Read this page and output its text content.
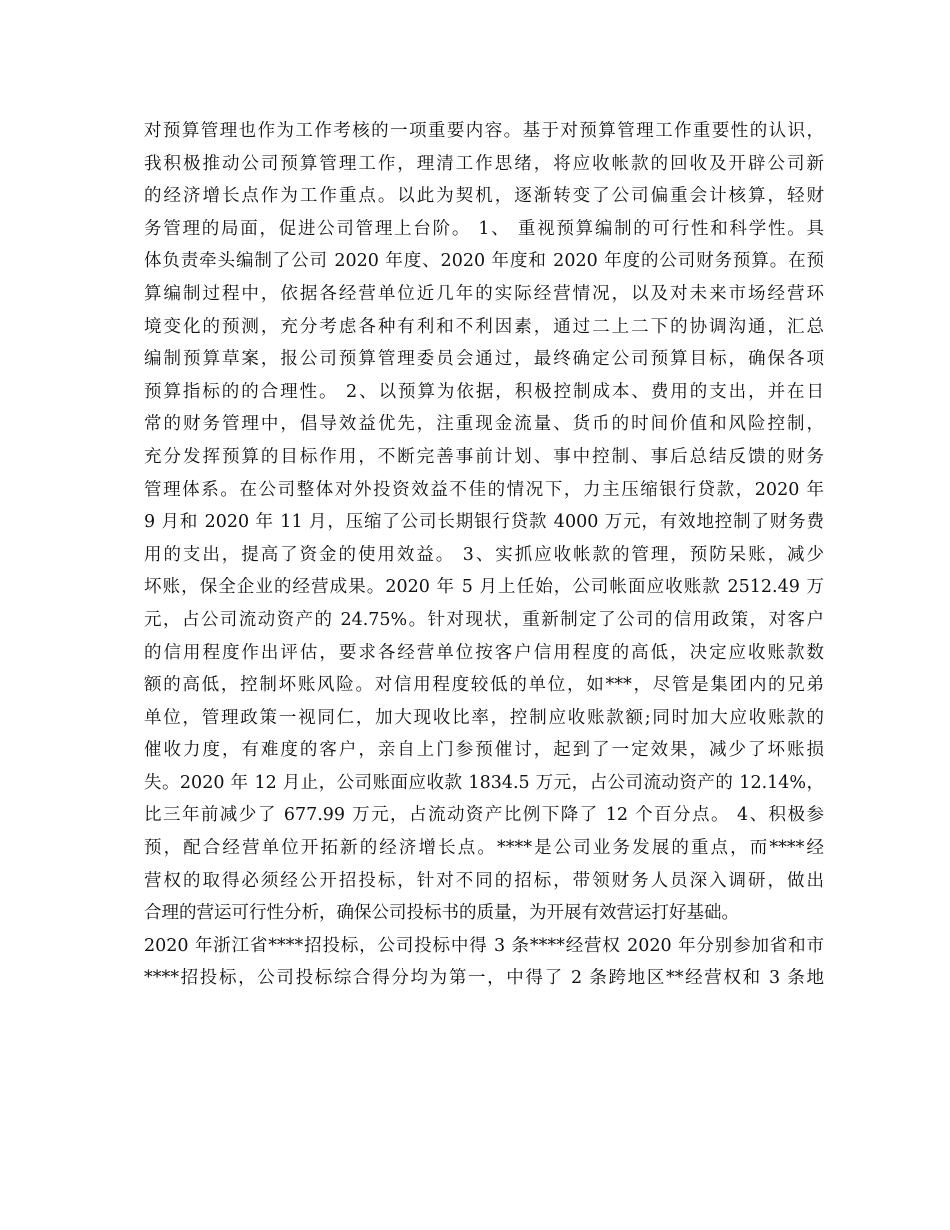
对预算管理也作为工作考核的一项重要内容。基于对预算管理工作重要性的认识，
我积极推动公司预算管理工作，理清工作思绪，将应收帐款的回收及开辟公司新
的经济增长点作为工作重点。以此为契机，逐渐转变了公司偏重会计核算，轻财
务管理的局面，促进公司管理上台阶。 1、 重视预算编制的可行性和科学性。具
体负责牵头编制了公司 2020 年度、2020 年度和 2020 年度的公司财务预算。在预
算编制过程中，依据各经营单位近几年的实际经营情况，以及对未来市场经营环
境变化的预测，充分考虑各种有利和不利因素，通过二上二下的协调沟通，汇总
编制预算草案，报公司预算管理委员会通过，最终确定公司预算目标，确保各项
预算指标的的合理性。 2、以预算为依据，积极控制成本、费用的支出，并在日
常的财务管理中，倡导效益优先，注重现金流量、货币的时间价值和风险控制，
充分发挥预算的目标作用，不断完善事前计划、事中控制、事后总结反馈的财务
管理体系。在公司整体对外投资效益不佳的情况下，力主压缩银行贷款，2020 年
9 月和 2020 年 11 月，压缩了公司长期银行贷款 4000 万元，有效地控制了财务费
用的支出，提高了资金的使用效益。 3、实抓应收帐款的管理，预防呆账，减少
坏账，保全企业的经营成果。2020 年 5 月上任始，公司帐面应收账款 2512.49 万
元，占公司流动资产的 24.75%。针对现状，重新制定了公司的信用政策，对客户
的信用程度作出评估，要求各经营单位按客户信用程度的高低，决定应收账款数
额的高低，控制坏账风险。对信用程度较低的单位，如***，尽管是集团内的兄弟
单位，管理政策一视同仁，加大现收比率，控制应收账款额;同时加大应收账款的
催收力度，有难度的客户，亲自上门参预催讨，起到了一定效果，减少了坏账损
失。2020 年 12 月止，公司账面应收款 1834.5 万元，占公司流动资产的 12.14%，
比三年前减少了 677.99 万元，占流动资产比例下降了 12 个百分点。 4、积极参
预，配合经营单位开拓新的经济增长点。****是公司业务发展的重点，而****经
营权的取得必须经公开招投标，针对不同的招标，带领财务人员深入调研，做出
合理的营运可行性分析，确保公司投标书的质量，为开展有效营运打好基础。
2020 年浙江省****招投标，公司投标中得 3 条****经营权 2020 年分别参加省和市
****招投标，公司投标综合得分均为第一，中得了 2 条跨地区**经营权和 3 条地
